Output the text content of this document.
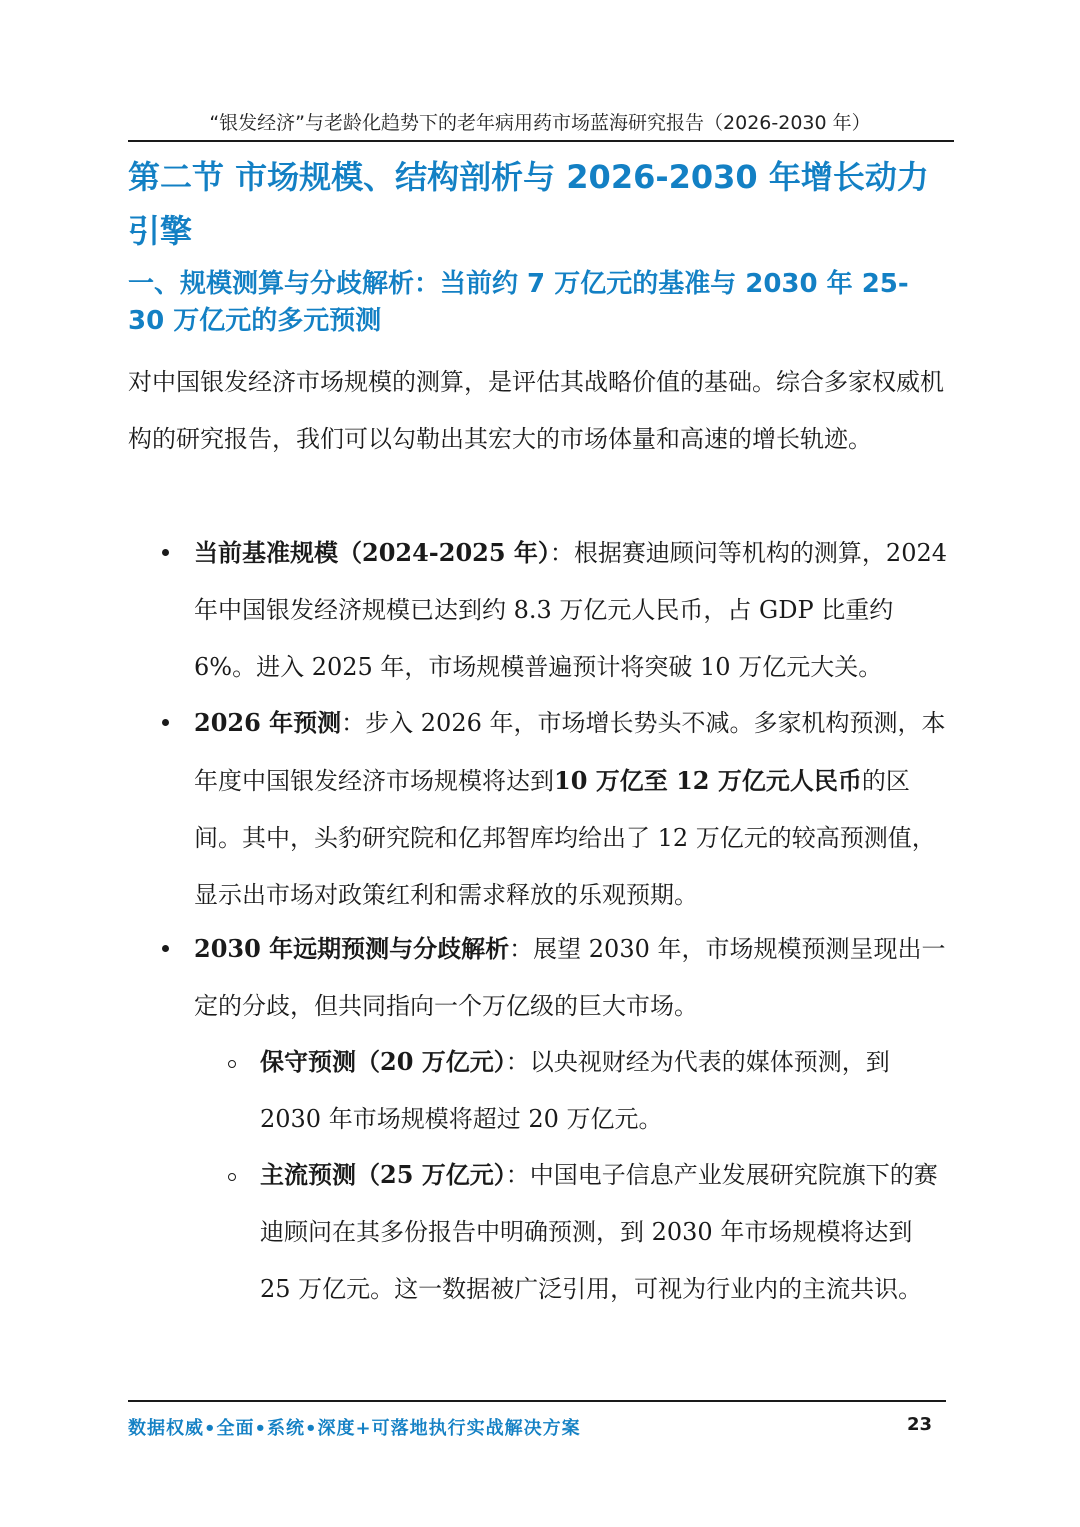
“银发经济”与老龄化趋势下的老年病用药市场蓝海研究报告（2026-2030 年）
第二节 市场规模、结构剖析与 2026-2030 年增长动力引擎
一、规模测算与分歧解析：当前约 7 万亿元的基准与 2030 年 25-30 万亿元的多元预测

对中国银发经济市场规模的测算，是评估其战略价值的基础。综合多家权威机构的研究报告，我们可以勾勒出其宏大的市场体量和高速的增长轨迹。

当前基准规模（2024-2025 年）：根据赛迪顾问等机构的测算，2024 年中国银发经济规模已达到约 8.3 万亿元人民币，占 GDP 比重约 6%。进入 2025 年，市场规模普遍预计将突破 10 万亿元大关。

2026 年预测：步入 2026 年，市场增长势头不减。多家机构预测，本年度中国银发经济市场规模将达到10 万亿至 12 万亿元人民币的区间。其中，头豹研究院和亿邦智库均给出了 12 万亿元的较高预测值，显示出市场对政策红利和需求释放的乐观预期。

2030 年远期预测与分歧解析：展望 2030 年，市场规模预测呈现出一定的分歧，但共同指向一个万亿级的巨大市场。

保守预测（20 万亿元）：以央视财经为代表的媒体预测，到 2030 年市场规模将超过 20 万亿元。

主流预测（25 万亿元）：中国电子信息产业发展研究院旗下的赛迪顾问在其多份报告中明确预测，到 2030 年市场规模将达到 25 万亿元。这一数据被广泛引用，可视为行业内的主流共识。

数据权威•全面•系统•深度+可落地执行实战解决方案	23
